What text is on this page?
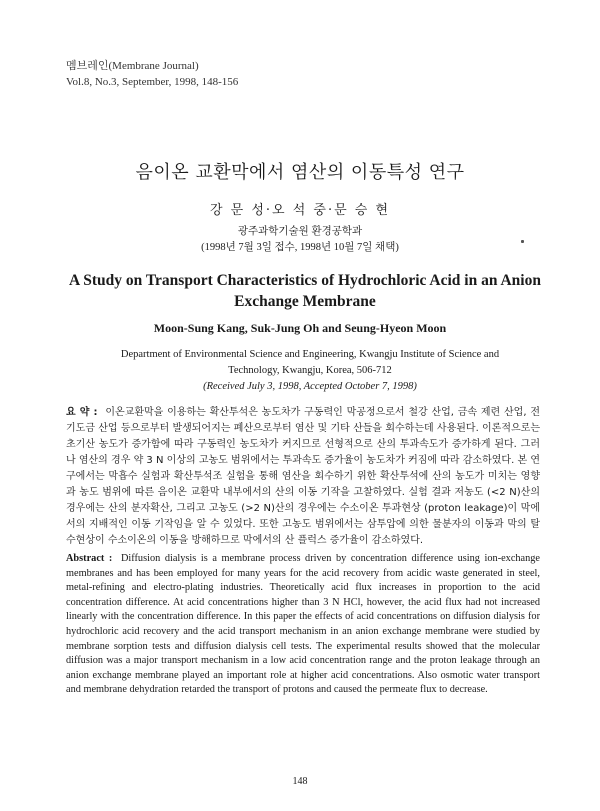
멤브레인(Membrane Journal)
Vol.8, No.3, September, 1998, 148-156
음이온 교환막에서 염산의 이동특성 연구
강 문 성·오 석 중·문 승 현
광주과학기술원 환경공학과
(1998년 7월 3일 접수, 1998년 10월 7일 채택)
A Study on Transport Characteristics of Hydrochloric Acid in an Anion Exchange Membrane
Moon-Sung Kang, Suk-Jung Oh and Seung-Hyeon Moon
Department of Environmental Science and Engineering, Kwangju Institute of Science and
Technology, Kwangju, Korea, 506-712
(Received July 3, 1998, Accepted October 7, 1998)
요 약 : 이온교환막을 이용하는 확산투석은 농도차가 구동력인 막공정으로서 철강 산업, 금속 제련 산업, 전기도금 산업 등으로부터 발생되어지는 폐산으로부터 염산 및 기타 산들을 회수하는데 사용된다. 이론적으로는 초기산 농도가 증가함에 따라 구동력인 농도차가 커지므로 선형적으로 산의 투과속도가 증가하게 된다. 그러나 염산의 경우 약 3 N 이상의 고농도 범위에서는 투과속도 증가율이 농도차가 커짐에 따라 감소하였다. 본 연구에서는 막흡수 실험과 확산투석조 실험을 통해 염산을 회수하기 위한 확산투석에 산의 농도가 미치는 영향과 농도 범위에 따른 음이온 교환막 내부에서의 산의 이동 기작을 고찰하였다. 실험 결과 저농도 (<2 N)산의 경우에는 산의 분자확산, 그리고 고농도 (>2 N)산의 경우에는 수소이온 투과현상 (proton leakage)이 막에서의 지배적인 이동 기작임을 알 수 있었다. 또한 고농도 범위에서는 삼투압에 의한 물분자의 이동과 막의 탈수현상이 수소이온의 이동을 방해하므로 막에서의 산 플럭스 증가율이 감소하였다.
Abstract : Diffusion dialysis is a membrane process driven by concentration difference using ion-exchange membranes and has been employed for many years for the acid recovery from acidic waste generated in steel, metal-refining and electro-plating industries. Theoretically acid flux increases in proportion to the acid concentration difference. At acid concentrations higher than 3 N HCl, however, the acid flux had not increased linearly with the concentration difference. In this paper the effects of acid concentrations on diffusion dialysis for hydrochloric acid recovery and the acid transport mechanism in an anion exchange membrane were studied by membrane sorption tests and diffusion dialysis cell tests. The experimental results showed that the molecular diffusion was a major transport mechanism in a low acid concentration range and the proton leakage through an anion exchange membrane played an important role at higher acid concentrations. Also osmotic water transport and membrane dehydration retarded the transport of protons and caused the permeate flux to decrease.
148
